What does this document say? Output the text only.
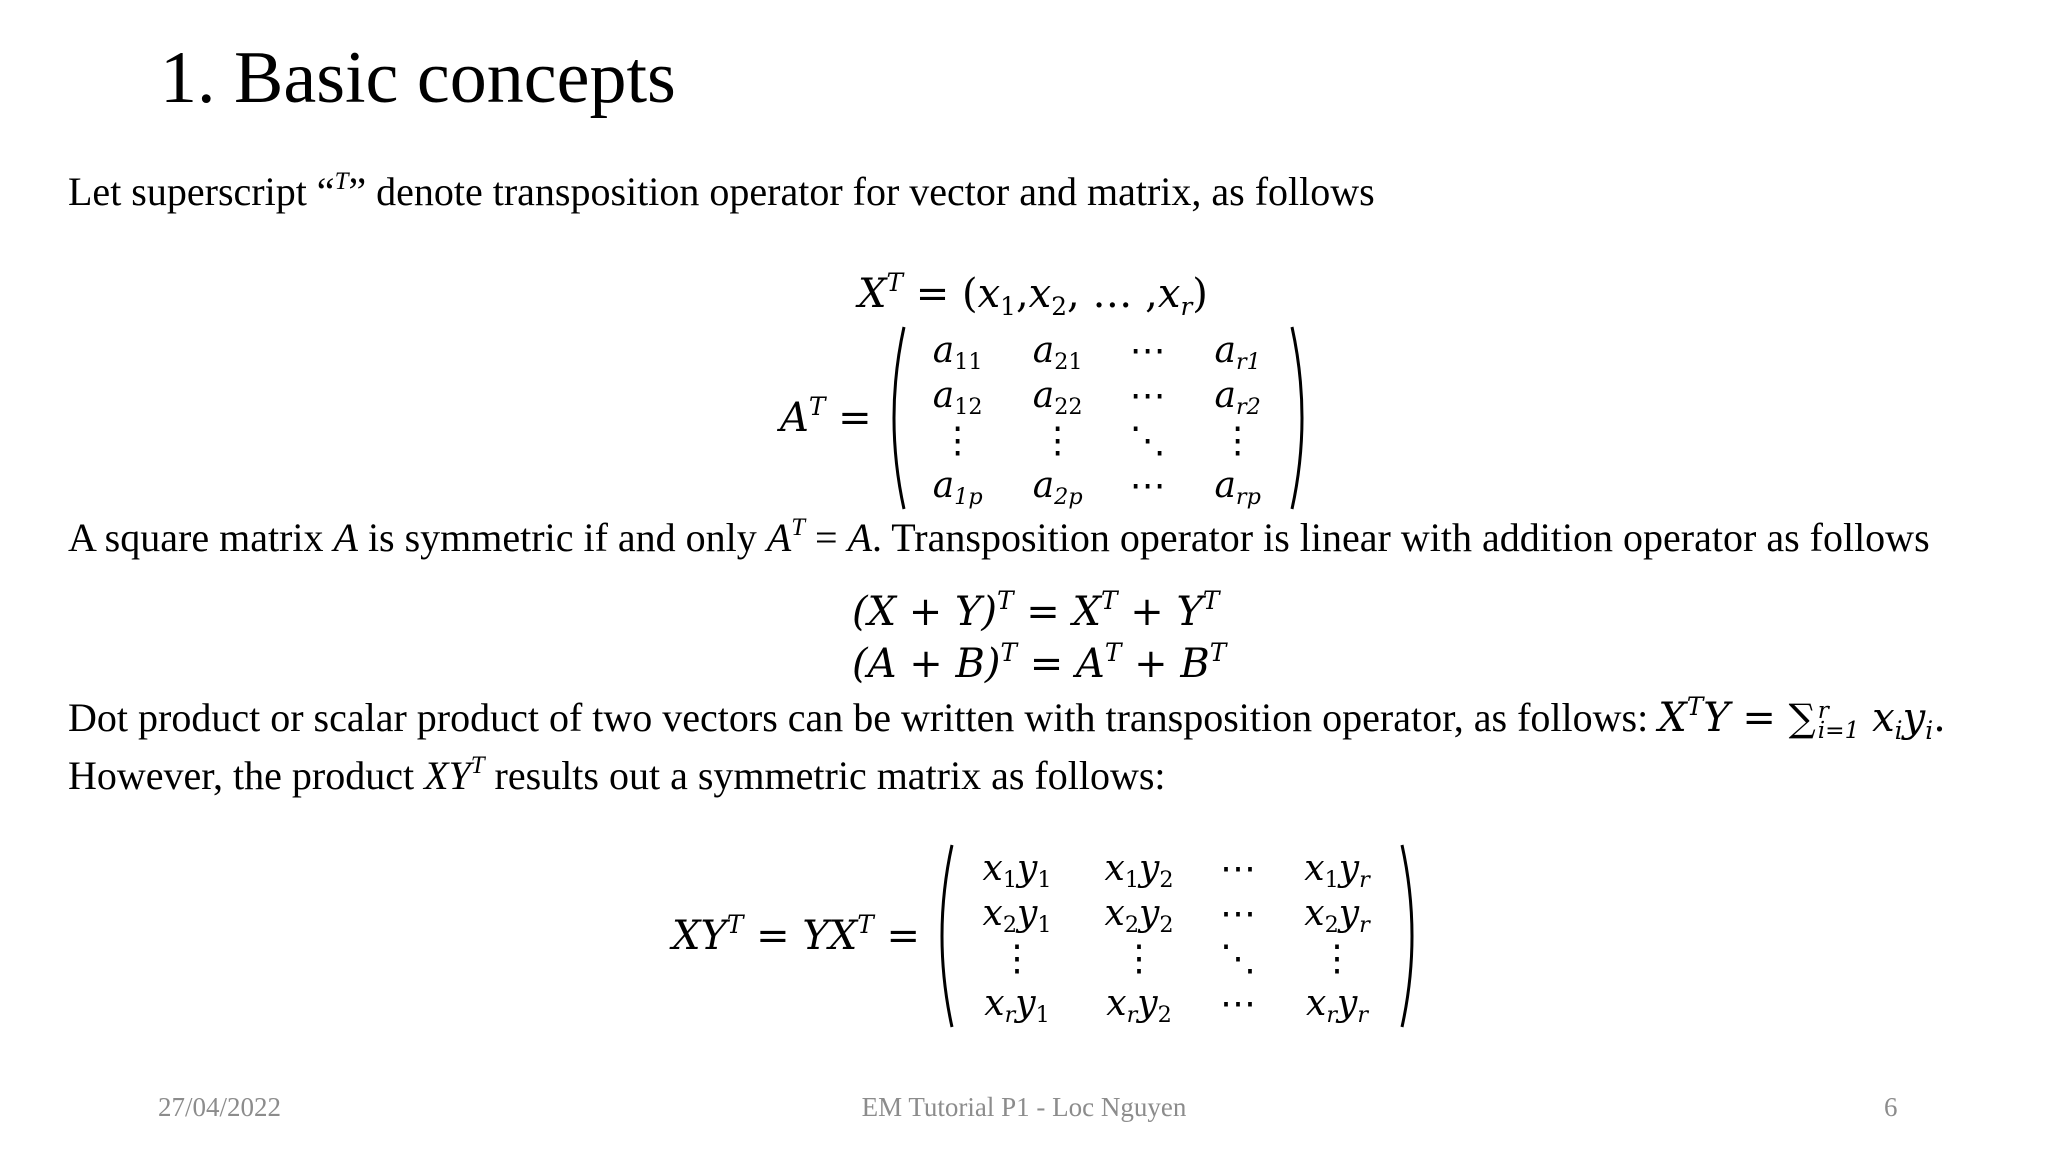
1. Basic concepts
Let superscript “$^T$” denote transposition operator for vector and matrix, as follows
$X^T = (x_1,x_2$, … $,x_r$)
$A^T$ =
$a_{11}$	$a_{21}$	⋯	$a_{r1}$
$a_{12}$	$a_{22}$	⋯	$a_{r2}$
⋮	⋮	⋱	⋮
$a_{1p}$	$a_{2p}$	⋯	$a_{rp}$
A square matrix A is symmetric if and only $A^T = A$. Transposition operator is linear with addition operator as follows
$(X + Y)^T = X^T + Y^T$
$(A + B)^T = A^T + B^T$
Dot product or scalar product of two vectors can be written with transposition operator, as follows: $X^TY$ = ∑ r
i=1 $x_iy_i$.
However, the product $XY^T$ results out a symmetric matrix as follows:
$XY^T = YX^T$ =
$x_1y_1$	$x_1y_2$	⋯	$x_1y_r$
$x_2y_1$	$x_2y_2$	⋯	$x_2y_r$
⋮	⋮	⋱	⋮
$x_ry_1$	$x_ry_2$	⋯	$x_ry_r$
27/04/2022	EM Tutorial P1 - Loc Nguyen	6
